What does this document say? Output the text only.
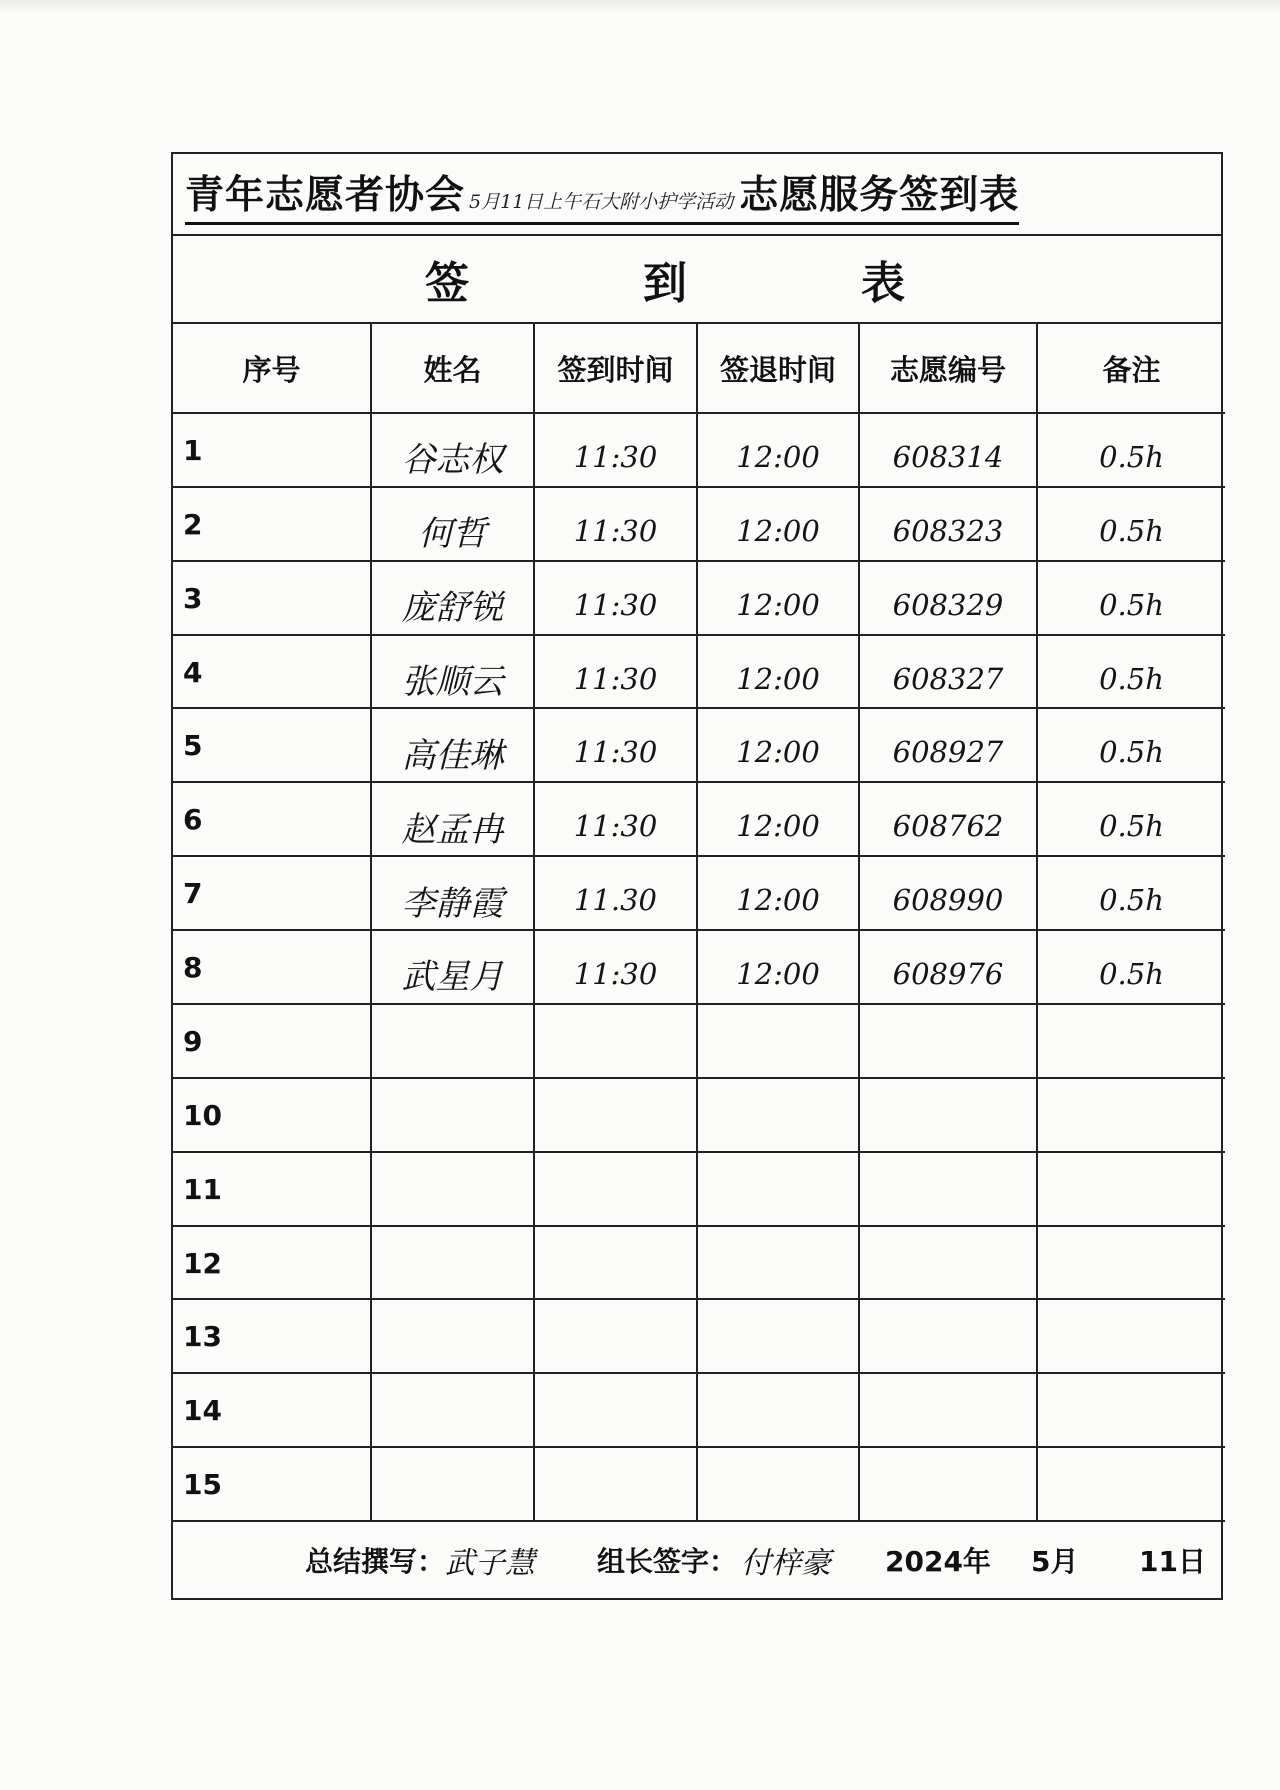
青年志愿者协会 5月11日上午石大附小护学活动 志愿服务签到表
签	到	表
序号	姓名	签到时间	签退时间	志愿编号	备注
1	谷志权	11:30	12:00	608314	0.5h
2	何哲	11:30	12:00	608323	0.5h
3	庞舒锐	11:30	12:00	608329	0.5h
4	张顺云	11:30	12:00	608327	0.5h
5	高佳琳	11:30	12:00	608927	0.5h
6	赵孟冉	11:30	12:00	608762	0.5h
7	李静霞	11.30	12:00	608990	0.5h
8	武星月	11:30	12:00	608976	0.5h
9
10
11
12
13
14
15
总结撰写： 武子慧 组长签字： 付梓豪 2024年 5月 11日
